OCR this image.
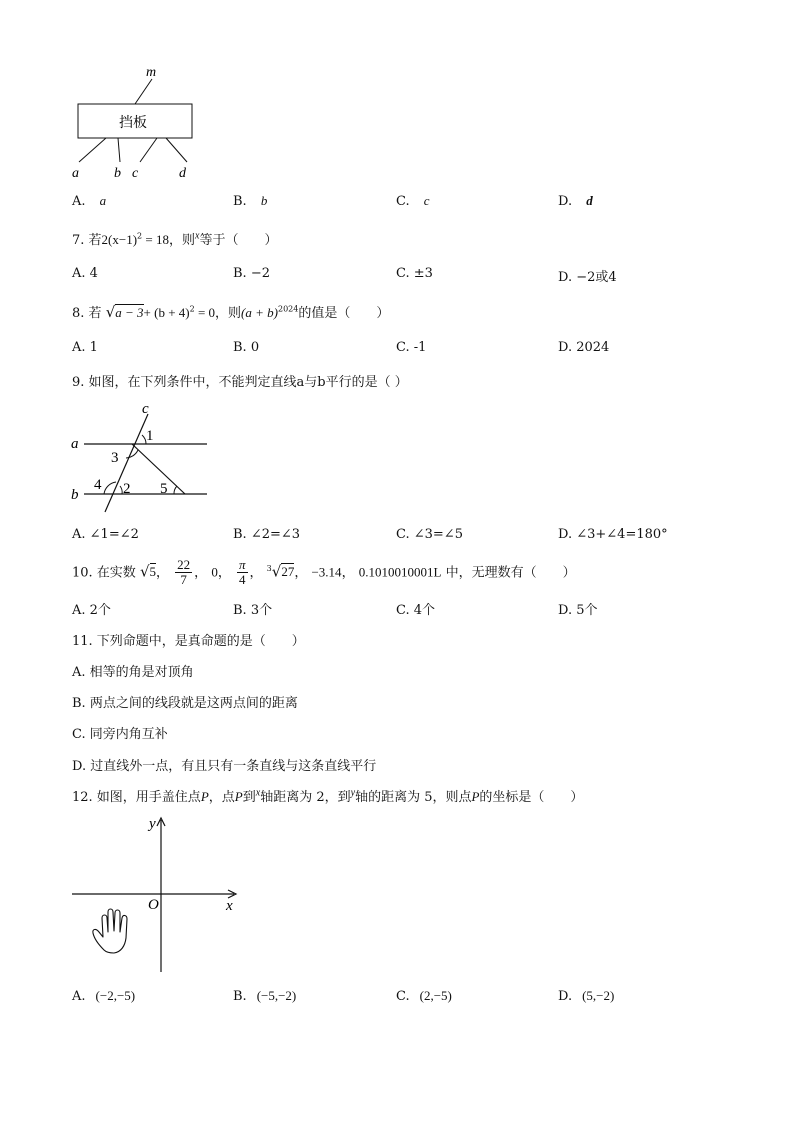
m
挡板
a	b c	d
A. a	B. b	C. c	D. d
7. 若$2(x-1)^2 = 18$，则$^x$等于（　　）
A. 4	B. −2	C. ±3	D. −2或4
8. 若 $√a - 3+ (b + 4)^2 = 0$，则$(a + b)^{2024}$的值是（　　）
A. 1	B. 0	C. -1	D. 2024
9. 如图，在下列条件中，不能判定直线a与b平行的是（ ）
c
a
b
1
3
4 2 5
A. ∠1=∠2	B. ∠2=∠3	C. ∠3=∠5	D. ∠3+∠4=180°
10. 在实数 √5， $\frac{22}{7}$ ， 0， $\frac{\pi}{4}$ ， $^3$√27， −3.14， 0.1010010001L 中，无理数有（　　）
A. 2个	B. 3个	C. 4个	D. 5个
11. 下列命题中，是真命题的是（　　）
A. 相等的角是对顶角
B. 两点之间的线段就是这两点间的距离
C. 同旁内角互补
D. 过直线外一点，有且只有一条直线与这条直线平行
12. 如图，用手盖住点P，点P到$^x$轴距离为 2，到$^y$轴的距离为 5，则点P的坐标是（　　）
y
x
O
A. (−2,−5)	B. (−5,−2)	C. (2,−5)	D. (5,−2)
